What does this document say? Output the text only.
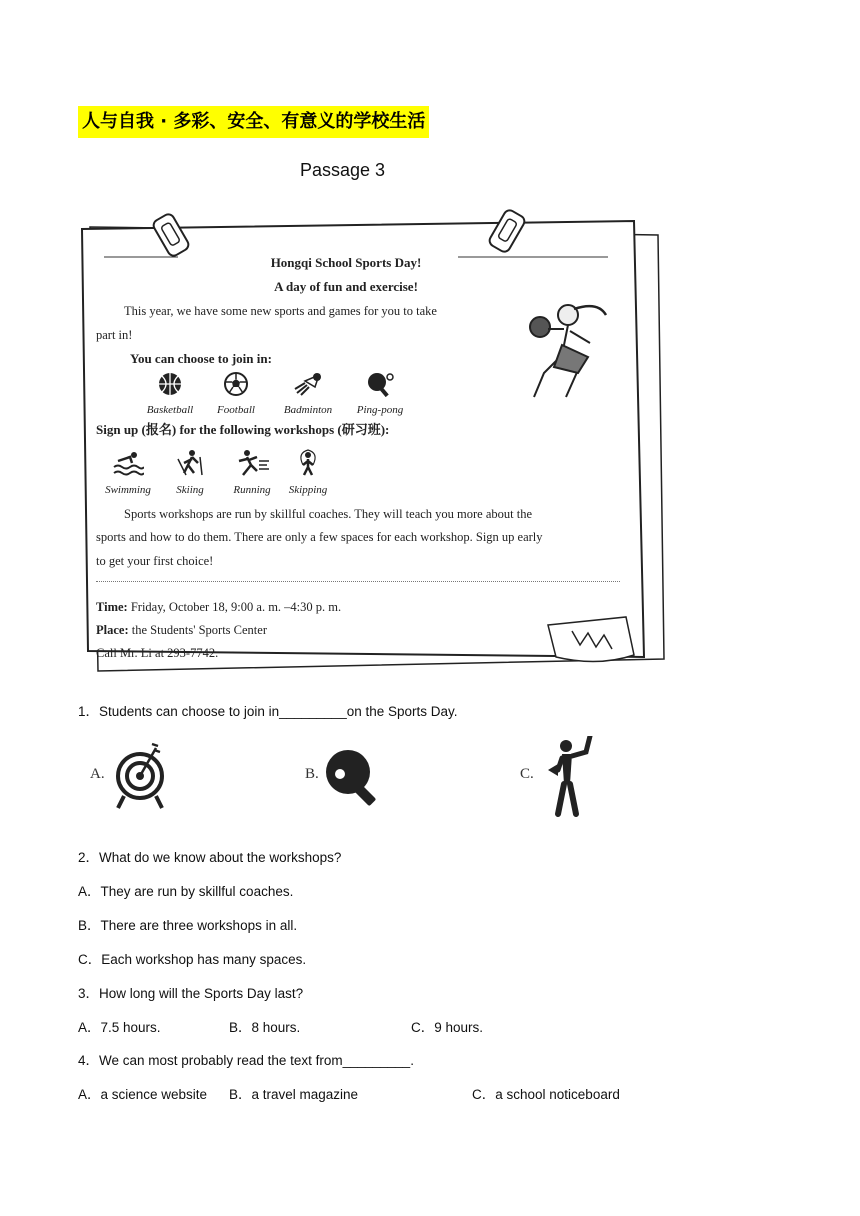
人与自我 · 多彩、安全、有意义的学校生活
Passage 3
Hongqi School Sports Day!
A day of fun and exercise!
This year, we have some new sports and games for you to take
part in!
You can choose to join in:
Basketball	Football	Badminton	Ping-pong
Sign up (报名) for the following workshops (研习班):
Swimming	Skiing	Running	Skipping
Sports workshops are run by skillful coaches. They will teach you more about the
sports and how to do them. There are only a few spaces for each workshop. Sign up early
to get your first choice!
Time: Friday, October 18, 9:00 a. m. –4:30 p. m.
Place: the Students' Sports Center
Call Mr. Li at 293-7742.
1．Students can choose to join in_________on the Sports Day.
A.	B.	C.
2．What do we know about the workshops?
A．They are run by skillful coaches.
B．There are three workshops in all.
C．Each workshop has many spaces.
3．How long will the Sports Day last?
A．7.5 hours.	B．8 hours.	C．9 hours.
4．We can most probably read the text from_________.
A．a science website B．a travel magazine	C．a school noticeboard
